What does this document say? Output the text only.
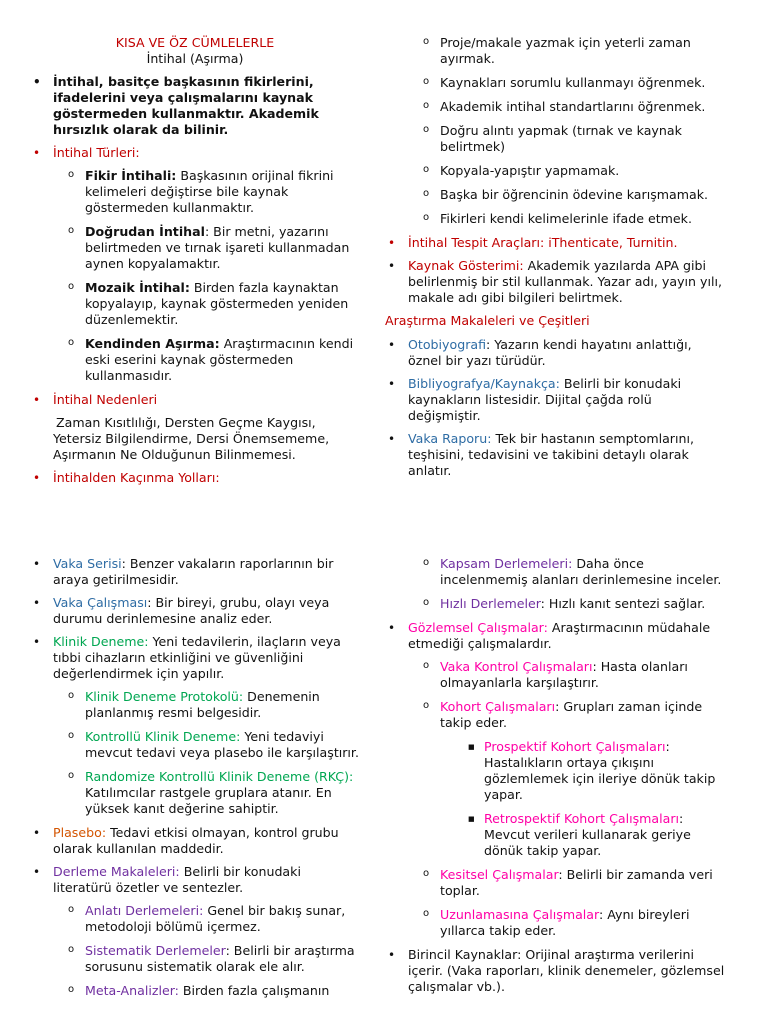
KISA VE ÖZ CÜMLELERLE
İntihal (Aşırma)
• İntihal, basitçe başkasının fikirlerini, ifadelerini veya çalışmalarını kaynak göstermeden kullanmaktır. Akademik hırsızlık olarak da bilinir.
• İntihal Türleri:
o Fikir İntihali: Başkasının orijinal fikrini kelimeleri değiştirse bile kaynak göstermeden kullanmaktır.
o Doğrudan İntihal: Bir metni, yazarını belirtmeden ve tırnak işareti kullanmadan aynen kopyalamaktır.
o Mozaik İntihal: Birden fazla kaynaktan kopyalayıp, kaynak göstermeden yeniden düzenlemektir.
o Kendinden Aşırma: Araştırmacının kendi eski eserini kaynak göstermeden kullanmasıdır.
• İntihal Nedenleri
Zaman Kısıtlılığı, Dersten Geçme Kaygısı, Yetersiz Bilgilendirme, Dersi Önemsememe, Aşırmanın Ne Olduğunun Bilinmemesi.
• İntihalden Kaçınma Yolları:
o Proje/makale yazmak için yeterli zaman ayırmak.
o Kaynakları sorumlu kullanmayı öğrenmek.
o Akademik intihal standartlarını öğrenmek.
o Doğru alıntı yapmak (tırnak ve kaynak belirtmek)
o Kopyala-yapıştır yapmamak.
o Başka bir öğrencinin ödevine karışmamak.
o Fikirleri kendi kelimelerinle ifade etmek.
• İntihal Tespit Araçları: iThenticate, Turnitin.
• Kaynak Gösterimi: Akademik yazılarda APA gibi belirlenmiş bir stil kullanmak. Yazar adı, yayın yılı, makale adı gibi bilgileri belirtmek.
Araştırma Makaleleri ve Çeşitleri
• Otobiyografi: Yazarın kendi hayatını anlattığı, öznel bir yazı türüdür.
• Bibliyografya/Kaynakça: Belirli bir konudaki kaynakların listesidir. Dijital çağda rolü değişmiştir.
• Vaka Raporu: Tek bir hastanın semptomlarını, teşhisini, tedavisini ve takibini detaylı olarak anlatır.
• Vaka Serisi: Benzer vakaların raporlarının bir araya getirilmesidir.
• Vaka Çalışması: Bir bireyi, grubu, olayı veya durumu derinlemesine analiz eder.
• Klinik Deneme: Yeni tedavilerin, ilaçların veya tıbbi cihazların etkinliğini ve güvenliğini değerlendirmek için yapılır.
o Klinik Deneme Protokolü: Denemenin planlanmış resmi belgesidir.
o Kontrollü Klinik Deneme: Yeni tedaviyi mevcut tedavi veya plasebo ile karşılaştırır.
o Randomize Kontrollü Klinik Deneme (RKÇ): Katılımcılar rastgele gruplara atanır. En yüksek kanıt değerine sahiptir.
• Plasebo: Tedavi etkisi olmayan, kontrol grubu olarak kullanılan maddedir.
• Derleme Makaleleri: Belirli bir konudaki literatürü özetler ve sentezler.
o Anlatı Derlemeleri: Genel bir bakış sunar, metodoloji bölümü içermez.
o Sistematik Derlemeler: Belirli bir araştırma sorusunu sistematik olarak ele alır.
o Meta-Analizler: Birden fazla çalışmanın
o Kapsam Derlemeleri: Daha önce incelenmemiş alanları derinlemesine inceler.
o Hızlı Derlemeler: Hızlı kanıt sentezi sağlar.
• Gözlemsel Çalışmalar: Araştırmacının müdahale etmediği çalışmalardır.
o Vaka Kontrol Çalışmaları: Hasta olanları olmayanlarla karşılaştırır.
o Kohort Çalışmaları: Grupları zaman içinde takip eder.
■ Prospektif Kohort Çalışmaları: Hastalıkların ortaya çıkışını gözlemlemek için ileriye dönük takip yapar.
■ Retrospektif Kohort Çalışmaları: Mevcut verileri kullanarak geriye dönük takip yapar.
o Kesitsel Çalışmalar: Belirli bir zamanda veri toplar.
o Uzunlamasına Çalışmalar: Aynı bireyleri yıllarca takip eder.
• Birincil Kaynaklar: Orijinal araştırma verilerini içerir. (Vaka raporları, klinik denemeler, gözlemsel çalışmalar vb.).
